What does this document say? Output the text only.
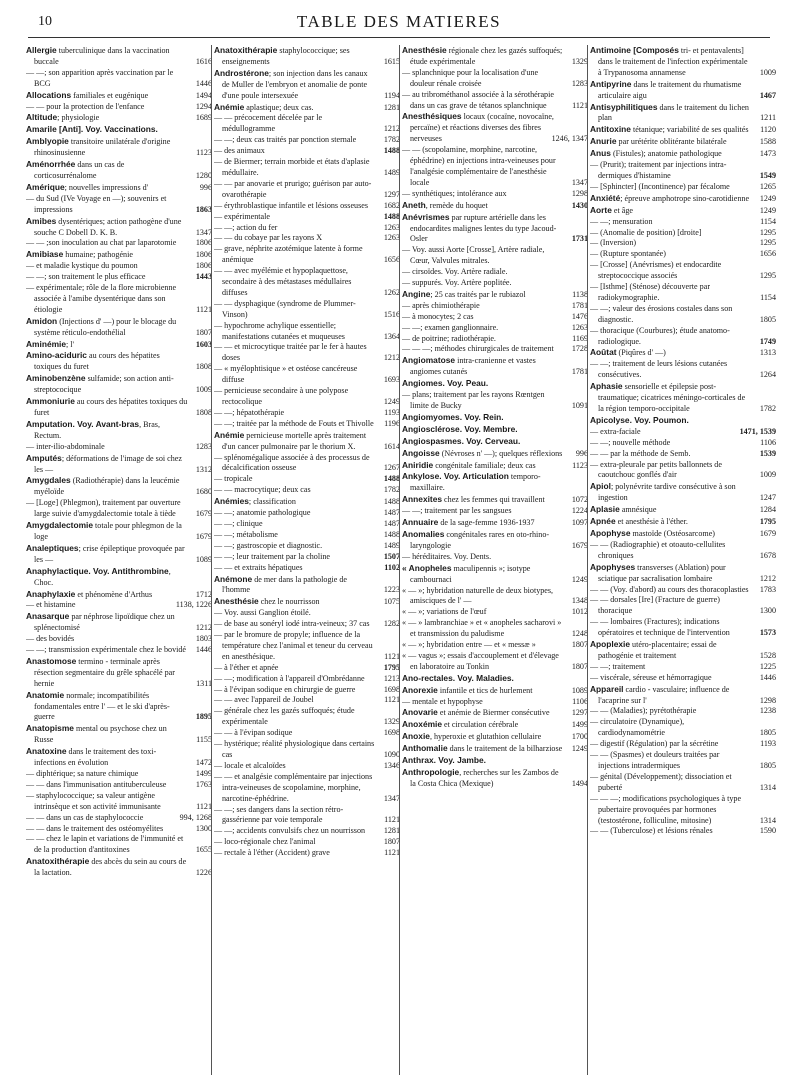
10	TABLE DES MATIERES

Allergie tuberculinique dans la vaccination buccale	1616

— —; son apparition après vaccination par le BCG	1446

Allocations familiales et eugénique	1494

— — pour la protection de l'enfance	1294

Altitude; physiologie	1689

Amarile [Anti]. Voy. Vaccinations.

Amblyopie transitoire unilatérale d'origine rhinosinusienne	1123

Aménorrhée dans un cas de corticosurrénalome	1280

Amérique; nouvelles impressions d'	996

— du Sud (IVe Voyage en —); souvenirs et impressions	1863

Amibes dysentériques; action pathogène d'une souche C Dobell D. K. B.	1347

— — ;son inoculation au chat par laparotomie 1806

Amibiase humaine; pathogénie	1806

— et maladie kystique du poumon	1806

— —; son traitement le plus efficace	1443

— expérimentale; rôle de la flore microbienne associée à l'amibe dysentérique dans son étiologie	1121

Amidon (Injections d' —) pour le blocage du système réticulo-endothélial	1807

Aminémie; l'	1603

Amino-aciduric au cours des hépatites toxiques du furet	1808

Aminobenzène sulfamide; son action anti-streptococique	1009

Ammoniurie au cours des hépatites toxiques du furet	1808

Amputation. Voy. Avant-bras, Bras, Rectum.

— inter-ilio-abdominale	1283

Amputés; déformations de l'image de soi chez les —	1312

Amygdales (Radiothérapie) dans la leucémie myéloïde	1680

— [Loge] (Phlegmon), traitement par ouverture large suivie d'amygdalectomie totale à tiède 1679

Amygdalectomie totale pour phlegmon de la loge	1679

Analeptiques; crise épileptique provoquée par les —	1089

Anaphylactique. Voy. Antithrombine, Choc.

Anaphylaxie et phénomène d'Arthus	1712

— et histamine	1138, 1226

Anasarque par néphrose lipoïdique chez un splénectomisé	1212

— des bovidés	1803

— —; transmission expérimentale chez le bovidé 1446

Anastomose termino - terminale après résection segmentaire du grêle sphacélé par hernie	1311

Anatomie normale; incompatibilités fondamentales entre l' — et le ski d'après-guerre	1895

Anatopisme mental ou psychose chez un Russe	1155

Anatoxine dans le traitement des toxi-infections en évolution	1472

— diphtérique; sa nature chimique	1499

— — dans l'immunisation antituberculeuse	1763

— staphylococcique; sa valeur antigène intrinsèque et son activité immunisante	1121

— — dans un cas de staphylococcie	994, 1268

— — dans le traitement des ostéomyélites	1300

— — chez le lapin et variations de l'immunité et de la production d'antitoxines	1655

Anatoxithérapie des abcès du sein au cours de la lactation.	1226

Anatoxithérapie staphylococcique; ses enseignements	1615

Androstérone; son injection dans les canaux de Muller de l'embryon et anomalie de ponte d'une poule intersexuée	1194

Anémie aplastique; deux cas.	1281

— — précocement décelée par le médullogramme	1212

— —; deux cas traités par ponction sternale	1782

— des animaux	1488

— de Biermer; terrain morbide et états d'aplasie médullaire.	1489

— — par anovarie et prurigo; guérison par auto-ovarothérapie	1297

— érythroblastique infantile et lésions osseuses 1682

— expérimentale	1488

— —; action du fer	1263

— — du cobaye par les rayons X	1263

— grave, néphrite azotémique latente à forme anémique	1656

— — avec myélémie et hypoplaquettose, secondaire à des métastases médullaires diffuses	1262

— — dysphagique (syndrome de Plummer-Vinson)	1516

— hypochrome achylique essentielle; manifestations cutanées et muqueuses	1364

— — et microcytique traitée par le fer à hautes doses	1212

— « myélophtisique » et ostéose cancéreuse diffuse	1693

— pernicieuse secondaire à une polypose rectocolique	1249

— —; hépatothérapie	1193

— —; traitée par la méthode de Fouts et Thivolle 1196

Anémie pernicieuse mortelle après traitement d'un cancer pulmonaire par le thorium X.	1614

— splénomégalique associée à des processus de décalcification osseuse	1267

— tropicale	1488

— — macrocytique; deux cas	1782

Anémies; classification	1488

— —; anatomie pathologique	1487

— —; clinique	1487

— —; métabolisme	1488

— —; gastroscopie et diagnostic.	1489

— —; leur traitement par la choline	1507

— — et extraits hépatiques	1102

Anémone de mer dans la pathologie de l'homme	1223

Anesthésie chez le nourrisson	1075

— Voy. aussi Ganglion étoilé.

— de base au sonéryl iodé intra-veineux; 37 cas 1282

— par le bromure de propyle; influence de la température chez l'animal et teneur du cerveau en anesthésique.	1121

— à l'éther et apnée	1795

— —; modification à l'appareil d'Ombrédanne 1213

— à l'évipan sodique en chirurgie de guerre	1698

— — avec l'appareil de Joubel	1121

— générale chez les gazés suffoqués; étude expérimentale	1329

— — à l'évipan sodique	1698

— hystérique; réalité physiologique dans certains cas	1090

— locale et alcaloïdes	1346

— — et analgésie complémentaire par injections intra-veineuses de scopolamine, morphine, narcotine-éphédrine.	1347

— —; ses dangers dans la section rétro-gassérienne par voie temporale	1121

— —; accidents convulsifs chez un nourrisson 1281

— loco-régionale chez l'animal	1807

— rectale à l'éther (Accident) grave	1121

Anesthésie régionale chez les gazés suffoqués; étude expérimentale	1329

— splanchnique pour la localisation d'une douleur rénale croisée	1283

— au tribrométhanol associée à la sérothérapie dans un cas grave de tétanos splanchnique	1121

Anesthésiques locaux (cocaïne, novocaïne, percaïne) et réactions diverses des fibres nerveuses	1246, 1347

— — (scopolamine, morphine, narcotine, éphédrine) en injections intra-veineuses pour l'analgésie complémentaire de l'anesthésie locale	1347

— synthétiques; intolérance aux	1298

Aneth, remède du hoquet	1430

Anévrismes par rupture artérielle dans les endocardites malignes lentes du type Jacoud-Osler	1731

— Voy. aussi Aorte [Crosse], Artère radiale, Cœur, Valvules mitrales.

— cirsoïdes. Voy. Artère radiale.

— suppurés. Voy. Artère poplitée.

Angine; 25 cas traités par le rubiazol	1138

— après chimiothérapie	1781

— à monocytes; 2 cas	1476

— —; examen ganglionnaire.	1263

— de poitrine; radiothérapie.	1169

— — —; méthodes chirurgicales de traitement 1728

Angiomatose intra-cranienne et vastes angiomes cutanés	1781

Angiomes. Voy. Peau.

— plans; traitement par les rayons Rœntgen limite de Bucky	1091

Angiomyomes. Voy. Rein.

Angiosclérose. Voy. Membre.

Angiospasmes. Voy. Cerveau.

Angoisse (Névroses n' —); quelques réflexions 996

Aniridie congénitale familiale; deux cas	1123

Ankylose. Voy. Articulation temporo-maxillaire.

Annexites chez les femmes qui travaillent	1072

— —; traitement par les sangsues	1224

Annuaire de la sage-femme 1936-1937	1097

Anomalies congénitales rares en oto-rhino-laryngologie	1679

— héréditaires. Voy. Dents.

« Anopheles maculipennis »; isotype cambournaci	1249

« — »; hybridation naturelle de deux biotypes, amisciques de l' —	1348

« — »; variations de l'œuf	1012

« — » lambranchiae » et « anopheles sacharovi » et transmission du paludisme	1248

« — »; hybridation entre — et « messæ »	1807

« — vagus »; essais d'accouplement et d'élevage en laboratoire au Tonkin	1807

Ano-rectales. Voy. Maladies.

Anorexie infantile et tics de hurlement	1089

— mentale et hypophyse	1106

Anovarie et anémie de Biermer consécutive	1297

Anoxémie et circulation cérébrale	1499

Anoxie, hyperoxie et glutathion cellulaire	1700

Anthomalie dans le traitement de la bilharziose 1249

Anthrax. Voy. Jambe.

Anthropologie, recherches sur les Zambos de la Costa Chica (Mexique)	1494

Antimoine [Composés tri- et pentavalents] dans le traitement de l'infection expérimentale à Trypanosoma annamense	1009

Antipyrine dans le traitement du rhumatisme articulaire aigu	1467

Antisyphilitiques dans le traitement du lichen plan	1211

Antitoxine tétanique; variabilité de ses qualités 1120

Anurie par urétérite oblitérante bilatérale	1588

Anus (Fistules); anatomie pathologique	1473

— (Prurit); traitement par injections intra-dermiques d'histamine	1549

— [Sphincter] (Incontinence) par fécalome	1265

Anxiété; épreuve amphotrope sino-carotidienne 1249

Aorte et âge	1249

— —; mensuration	1154

— (Anomalie de position) [droite]	1295

— (Inversion)	1295

— (Rupture spontanée)	1656

— [Crosse] (Anévrismes) et endocardite streptococcique associés	1295

— [Isthme] (Sténose) découverte par radiokymographie.	1154

— —; valeur des érosions costales dans son diagnostic.	1805

— thoracique (Courbures); étude anatomo-radiologique.	1749

Aoûtat (Piqûres d' —)	1313

— —; traitement de leurs lésions cutanées consécutives.	1264

Aphasie sensorielle et épilepsie post-traumatique; cicatrices méningo-corticales de la région temporo-occipitale	1782

Apicolyse. Voy. Poumon.

— extra-faciale	1471, 1539

— —; nouvelle méthode	1106

— — par la méthode de Semb.	1539

— extra-pleurale par petits ballonnets de caoutchouc gonflés d'air	1009

Apiol; polynévrite tardive consécutive à son ingestion	1247

Aplasie amnésique	1284

Apnée et anesthésie à l'éther.	1795

Apophyse mastoïde (Ostéosarcome)	1679

— — (Radiographie) et otoauto-cellulites chroniques	1678

Apophyses transverses (Ablation) pour sciatique par sacralisation lombaire	1212

— — (Voy. d'abord) au cours des thoracoplasties 1783

— — dorsales [Ire] (Fracture de guerre) thoracique	1300

— — lombaires (Fractures); indications opératoires et technique de l'intervention	1573

Apoplexie utéro-placentaire; essai de pathogénie et traitement	1528

— —; traitement	1225

— viscérale, séreuse et hémorragique	1446

Appareil cardio - vasculaire; influence de l'acaprine sur l'	1298

— — (Maladies); pyrétothérapie	1238

— circulatoire (Dynamique), cardiodynamométrie	1805

— digestif (Régulation) par la sécrétine	1193

— — (Spasmes) et douleurs traitées par injections intradermiques	1805

— génital (Développement); dissociation et puberté	1314

— — —; modifications psychologiques à type pubertaire provoquées par hormones (testostérone, folliculine, mitosine)	1314

— — (Tuberculose) et lésions rénales	1590
